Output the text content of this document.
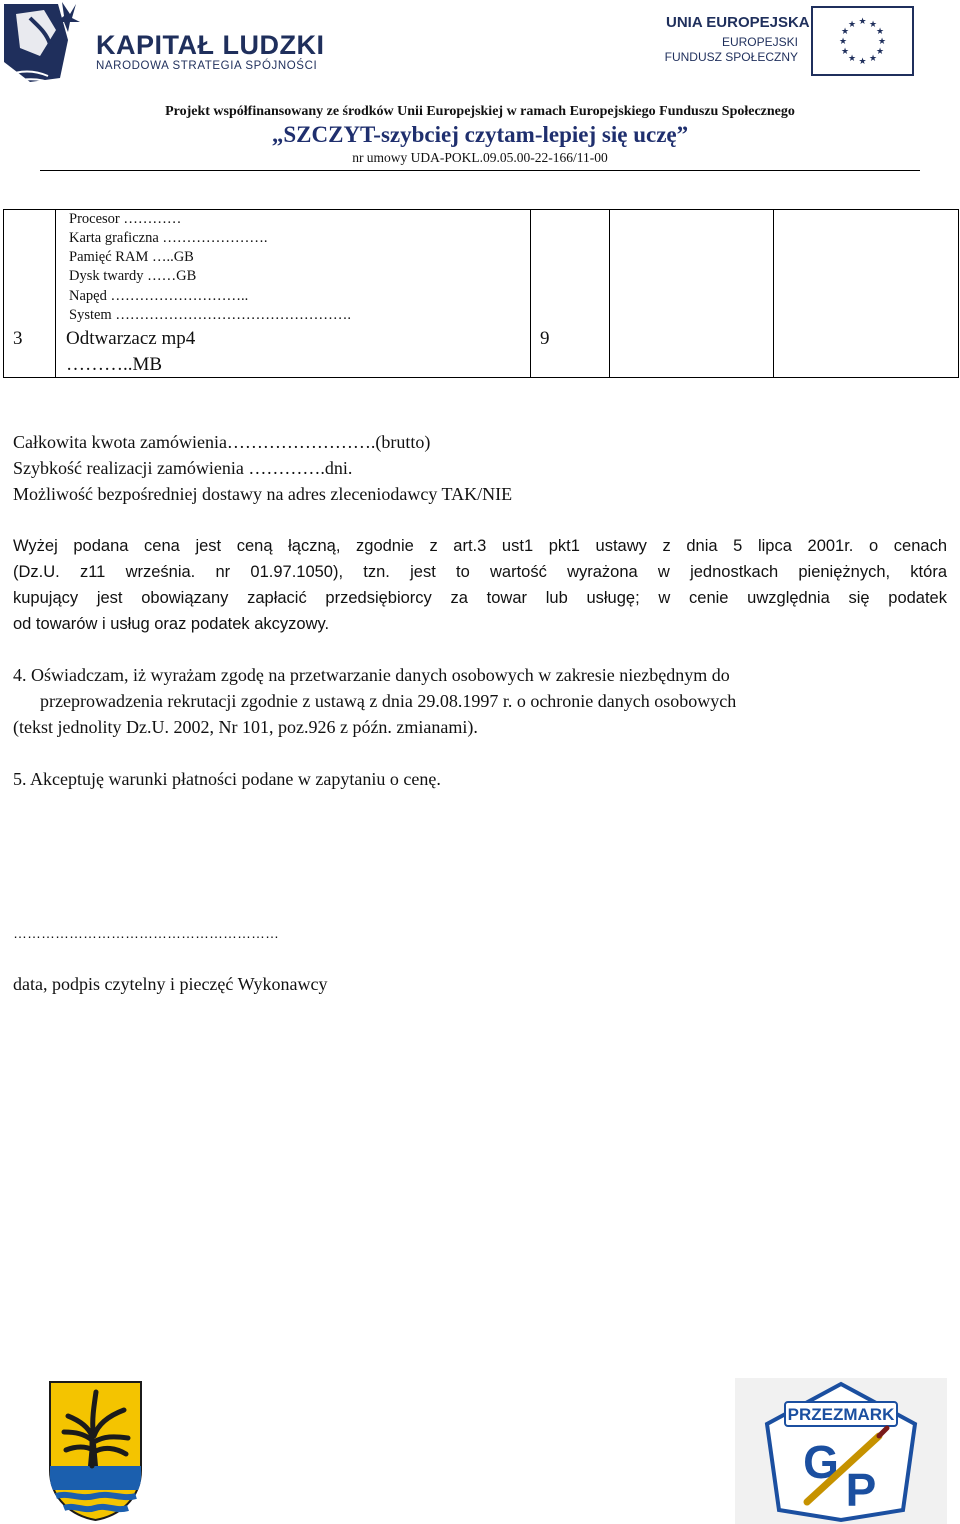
KAPITAŁ LUDZKI
NARODOWA STRATEGIA SPÓJNOŚCI
UNIA EUROPEJSKA
EUROPEJSKI
FUNDUSZ SPOŁECZNY
★ ★
★
★
★
★
★
★
★
★
★
★
Projekt współfinansowany ze środków Unii Europejskiej w ramach Europejskiego Funduszu Społecznego
„SZCZYT-szybciej czytam-lepiej się uczę”
nr umowy UDA-POKL.09.05.00-22-166/11-00
Procesor …………
Karta graficzna ………………….
Pamięć RAM …..GB
Dysk twardy ……GB
Napęd ………………………..
System ………………………………………….
3 Odtwarzacz mp4
………..MB
9
Całkowita kwota zamówienia…………………….(brutto)
Szybkość realizacji zamówienia ………….dni.
Możliwość bezpośredniej dostawy na adres zleceniodawcy TAK/NIE
Wyżej podana cena jest ceną łączną, zgodnie z art.3 ust1 pkt1 ustawy z dnia 5 lipca 2001r. o cenach
(Dz.U. z11 września. nr 01.97.1050), tzn. jest to wartość wyrażona w jednostkach pieniężnych, która
kupujący jest obowiązany zapłacić przedsiębiorcy za towar lub usługę; w cenie uwzględnia się podatek
od towarów i usług oraz podatek akcyzowy.
4. Oświadczam, iż wyrażam zgodę na przetwarzanie danych osobowych w zakresie niezbędnym do
przeprowadzenia rekrutacji zgodnie z ustawą z dnia 29.08.1997 r. o ochronie danych osobowych
(tekst jednolity Dz.U. 2002, Nr 101, poz.926 z późn. zmianami).
5. Akceptuję warunki płatności podane w zapytaniu o cenę.
…………………………………………………
data, podpis czytelny i pieczęć Wykonawcy
PRZEZMARK
G
P
